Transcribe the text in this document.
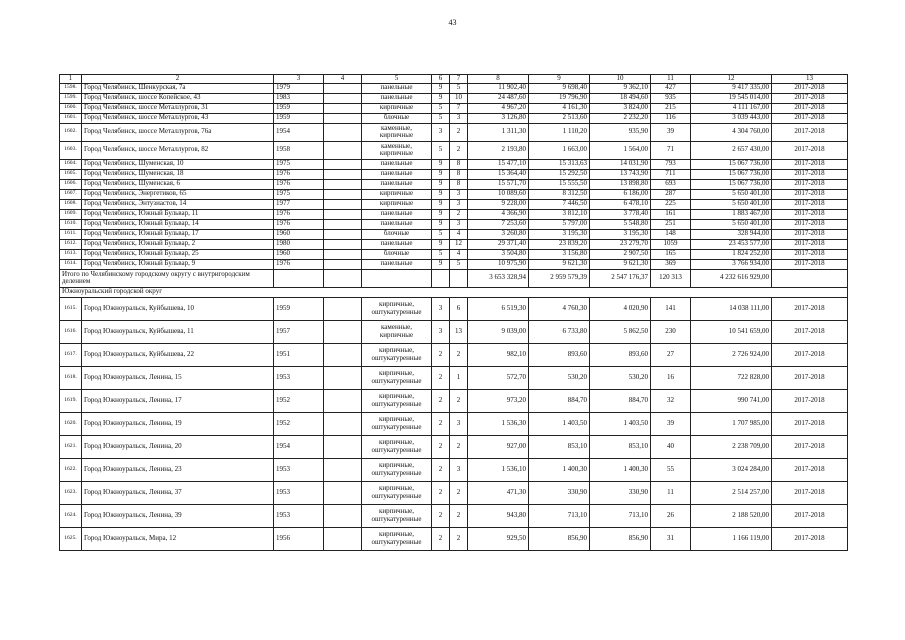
43
1	2	3	4	5	6	7	8	9	10	11	12	13
1598.	Город Челябинск, Шенкурская, 7а	1979		панельные	9	5	11 902,40	9 698,40	9 362,10	427	9 417 335,00	2017-2018
1599.	Город Челябинск, шоссе Копейское, 43	1983		панельные	9	10	24 487,60	19 796,90	18 494,60	935	19 545 014,00	2017-2018
1600.	Город Челябинск, шоссе Металлургов, 31	1959		кирпичные	5	7	4 967,20	4 161,30	3 824,00	215	4 111 167,00	2017-2018
1601.	Город Челябинск, шоссе Металлургов, 43	1959		блочные	5	3	3 126,80	2 513,60	2 232,20	116	3 039 443,00	2017-2018
1602.	Город Челябинск, шоссе Металлургов, 76а	1954		каменные, кирпичные	3	2	1 311,30	1 110,20	935,90	39	4 304 760,00	2017-2018
1603.	Город Челябинск, шоссе Металлургов, 82	1958		каменные, кирпичные	5	2	2 193,80	1 663,00	1 564,00	71	2 657 430,00	2017-2018
1604.	Город Челябинск, Шуменская, 10	1975		панельные	9	8	15 477,10	15 313,63	14 031,90	793	15 067 736,00	2017-2018
1605.	Город Челябинск, Шуменская, 18	1976		панельные	9	8	15 364,40	15 292,50	13 743,90	711	15 067 736,00	2017-2018
1606.	Город Челябинск, Шуменская, 6	1976		панельные	9	8	15 571,70	15 555,50	13 898,80	693	15 067 736,00	2017-2018
1607.	Город Челябинск, Энергетиков, 65	1975		кирпичные	9	3	10 089,60	8 312,50	6 186,00	287	5 650 401,00	2017-2018
1608.	Город Челябинск, Энтузиастов, 14	1977		кирпичные	9	3	9 228,00	7 446,50	6 478,10	225	5 650 401,00	2017-2018
1609.	Город Челябинск, Южный Бульвар, 11	1976		панельные	9	2	4 366,90	3 812,10	3 778,40	161	1 883 467,00	2017-2018
1610.	Город Челябинск, Южный Бульвар, 14	1976		панельные	9	3	7 253,60	5 797,00	5 548,80	251	5 650 401,00	2017-2018
1611.	Город Челябинск, Южный Бульвар, 17	1960		блочные	5	4	3 260,80	3 195,30	3 195,30	148	328 944,00	2017-2018
1612.	Город Челябинск, Южный Бульвар, 2	1980		панельные	9	12	29 371,40	23 839,20	23 279,70	1059	23 453 577,00	2017-2018
1613.	Город Челябинск, Южный Бульвар, 25	1960		блочные	5	4	3 504,80	3 156,80	2 907,50	165	1 824 252,00	2017-2018
1614.	Город Челябинск, Южный Бульвар, 9	1976		панельные	9	5	10 975,90	9 621,30	9 621,30	369	3 766 934,00	2017-2018
Итого по Челябинскому городскому округу с внутригородским делением							3 653 328,94	2 959 579,39	2 547 176,37	120 313	4 232 616 929,00	
Южноуральский городской округ												
1615.	Город Южноуральск, Куйбышева, 10	1959		кирпичные, оштукатуренные	3	6	6 519,30	4 760,30	4 020,90	141	14 038 111,00	2017-2018
1616.	Город Южноуральск, Куйбышева, 11	1957		каменные, кирпичные	3	13	9 039,00	6 733,80	5 862,50	230	10 541 659,00	2017-2018
1617.	Город Южноуральск, Куйбышева, 22	1951		кирпичные, оштукатуренные	2	2	982,10	893,60	893,60	27	2 726 924,00	2017-2018
1618.	Город Южноуральск, Ленина, 15	1953		кирпичные, оштукатуренные	2	1	572,70	530,20	530,20	16	722 828,00	2017-2018
1619.	Город Южноуральск, Ленина, 17	1952		кирпичные, оштукатуренные	2	2	973,20	884,70	884,70	32	990 741,00	2017-2018
1620.	Город Южноуральск, Ленина, 19	1952		кирпичные, оштукатуренные	2	3	1 536,30	1 403,50	1 403,50	39	1 707 985,00	2017-2018
1621.	Город Южноуральск, Ленина, 20	1954		кирпичные, оштукатуренные	2	2	927,00	853,10	853,10	40	2 238 709,00	2017-2018
1622.	Город Южноуральск, Ленина, 23	1953		кирпичные, оштукатуренные	2	3	1 536,10	1 400,30	1 400,30	55	3 024 284,00	2017-2018
1623.	Город Южноуральск, Ленина, 37	1953		кирпичные, оштукатуренные	2	2	471,30	330,90	330,90	11	2 514 257,00	2017-2018
1624.	Город Южноуральск, Ленина, 39	1953		кирпичные, оштукатуренные	2	2	943,80	713,10	713,10	26	2 188 520,00	2017-2018
1625.	Город Южноуральск, Мира, 12	1956		кирпичные, оштукатуренные	2	2	929,50	856,90	856,90	31	1 166 119,00	2017-2018
